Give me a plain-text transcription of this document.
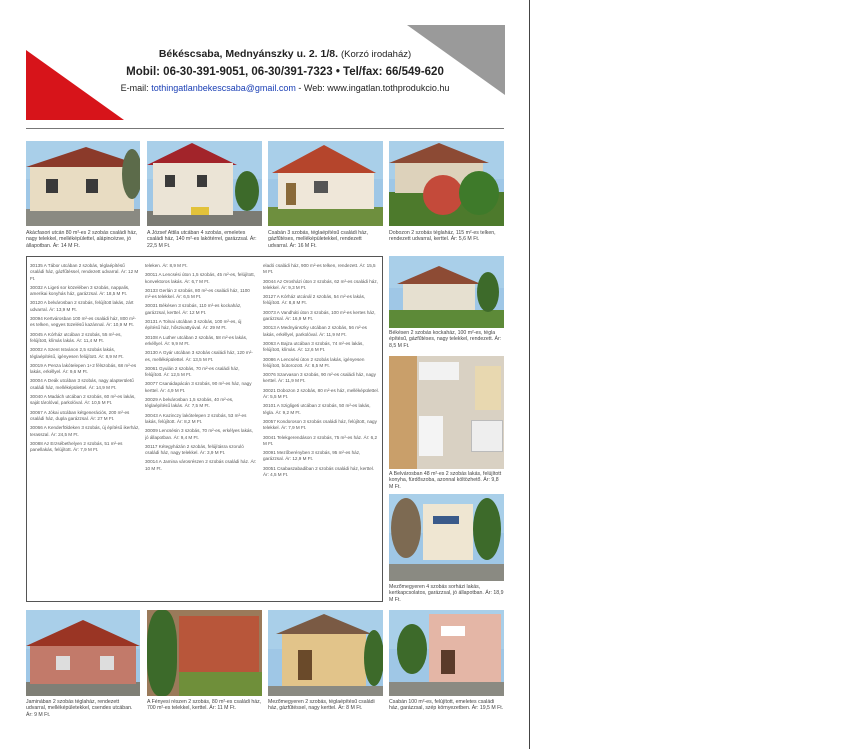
Békéscsaba, Mednyánszky u. 2. 1/8. (Korzó irodaház)
Mobil: 06-30-391-9051, 06-30/391-7323 • Tel/fax: 66/549-620
E-mail: tothingatlanbekescsaba@gmail.com - Web: www.ingatlan.tothprodukcio.hu
Akácfasori utcán 80 m²-es 2 szobás családi ház, nagy telekkel, melléképülettel, alápincézve, jó állapotban. Ár: 14 M Ft.
A József Attila utcában 4 szobás, emeletes családi ház, 140 m²-es lakótérrel, garázzsal. Ár: 22,5 M Ft.
Csabán 3 szobás, téglaépítésű családi ház, gázfűtéses, melléképületekkel, rendezett udvarral. Ár: 16 M Ft.
Dobozon 2 szobás téglaház, 115 m²-es telken, rendezett udvarral, kerttel. Ár: 5,6 M Ft.

30135 A Tábor utcában 2 szobás, téglaépítésű családi ház, gázfűtéssel, rendezett udvarral. Ár: 12 M Ft.

30032 A Ligeti sor közelében 3 szobás, nappalis, amerikai konyhás ház, garázzsal. Ár: 18,5 M Ft.

30120 A belvárosban 2 szobás, felújított lakás, zárt udvarral. Ár: 13,9 M Ft.

30094 Kertvárosban 100 m²-es családi ház, 800 m²-es telken, vegyes tüzelésű kazánnal. Ár: 10,9 M Ft.

30045 A Kórház utcában 2 szobás, 55 m²-es, felújított, klímás lakás. Ár: 11,4 M Ft.

30002 A Szent Istvánon 2,5 szobás lakás, téglaépítésű, igényesen felújított. Ár: 8,9 M Ft.

30019 A Penza lakótelepen 1+2 félszobás, 68 m²-es lakás, erkéllyel. Ár: 9,6 M Ft.

30004 A Deák utcában 3 szobás, nagy alapterületű családi ház, melléképülettel. Ár: 14,9 M Ft.

30040 A Madách utcában 2 szobás, 60 m²-es lakás, saját tárolóval, parkolóval. Ár: 10,5 M Ft.

30067 A Jókai utcában kétgenerációs, 200 m²-es családi ház, dupla garázzsal. Ár: 27 M Ft.

30066 A Kenderföldeken 3 szobás, új építésű ikerház, terasszal. Ár: 24,5 M Ft.

30088 Az Erzsébethelyen 2 szobás, 51 m²-es panellakás, felújított. Ár: 7,9 M Ft.

teleken. Ár: 8,9 M Ft.

30011 A Lencsési úton 1,5 szobás, 45 m²-es, felújított, konvektoros lakás. Ár: 6,7 M Ft.

30133 Gerlán 2 szobás, 80 m²-es családi ház, 1100 m²-es telekkel. Ár: 6,5 M Ft.

30031 Békésen 3 szobás, 110 m²-es kockaház, garázzsal, kerttel. Ár: 12 M Ft.

30131 A Tolnai utcában 3 szobás, 100 m²-es, új építésű ház, hőszivattyúval. Ár: 29 M Ft.

30108 A Luther utcában 2 szobás, 58 m²-es lakás, erkéllyel. Ár: 9,9 M Ft.

30130 A Gyár utcában 3 szobás családi ház, 120 m²-es, melléképülettel. Ár: 13,5 M Ft.

30061 Gyulán 2 szobás, 70 m²-es családi ház, felújított. Ár: 12,5 M Ft.

30077 Csanádapácán 3 szobás, 90 m²-es ház, nagy kerttel. Ár: 4,9 M Ft.

30029 A belvárosban 1,5 szobás, 40 m²-es, téglaépítésű lakás. Ár: 7,5 M Ft.

30043 A Kazinczy lakótelepen 2 szobás, 53 m²-es lakás, felújított. Ár: 8,2 M Ft.

30009 Lencsésin 3 szobás, 70 m²-es, erkélyes lakás, jó állapotban. Ár: 9,4 M Ft.

30117 Kétegyházán 2 szobás, felújításra szoruló családi ház, nagy telekkel. Ár: 3,9 M Ft.

30014 A Jamina városrészen 2 szobás családi ház. Ár: 10 M Ft.

eladó családi ház, 900 m²-es telken, rendezett. Ár: 15,5 M Ft.

30044 Az Orosházi úton 2 szobás, 62 m²-es családi ház, telekkel. Ár: 9,3 M Ft.

30127 A Kórház utcánál 2 szobás, 54 m²-es lakás, felújított. Ár: 8,8 M Ft.

30073 A Vandháti úton 3 szobás, 100 m²-es kertes ház, garázzsal. Ár: 16,9 M Ft.

30013 A Mednyánszky utcában 2 szobás, 56 m²-es lakás, erkéllyel, parkolóval. Ár: 11,9 M Ft.

30063 A Bajza utcában 3 szobás, 74 m²-es lakás, felújított, klímás. Ár: 12,6 M Ft.

30086 A Lencsési úton 2 szobás lakás, igényesen felújított, bútorozott. Ár: 8,5 M Ft.

30076 Szarvason 3 szobás, 90 m²-es családi ház, nagy kerttel. Ár: 11,9 M Ft.

30021 Dobozon 2 szobás, 80 m²-es ház, melléképülettel. Ár: 5,5 M Ft.

30101 A Szigligeti utcában 2 szobás, 50 m²-es lakás, tégla. Ár: 9,2 M Ft.

30057 Kondoroson 3 szobás családi ház, felújított, nagy telekkel. Ár: 7,9 M Ft.

30041 Telekgerendáson 2 szobás, 75 m²-es ház. Ár: 6,2 M Ft.

30091 Mezőberényben 3 szobás, 95 m²-es ház, garázzsal. Ár: 12,9 M Ft.

30051 Csabaszabadiban 2 szobás családi ház, kerttel. Ár: 4,5 M Ft.

Békésen 2 szobás kockaház, 100 m²-es, tégla építésű, gázfűtéses, nagy telekkel, rendezett. Ár: 8,5 M Ft.
A Belvárosban 48 m²-es 2 szobás lakás, felújított konyha, fürdőszoba, azonnal költözhető. Ár: 9,8 M Ft.
Mezőmegyeren 4 szobás sorházi lakás, kertkapcsolatos, garázzsal, jó állapotban. Ár: 18,9 M Ft.
Jaminában 2 szobás téglaház, rendezett udvarral, melléképületekkel, csendes utcában. Ár: 9 M Ft.
A Fényesi részen 2 szobás, 80 m²-es családi ház, 700 m²-es telekkel, kerttel. Ár: 11 M Ft.
Mezőmegyeren 2 szobás, téglaépítésű családi ház, gázfűtéssel, nagy kerttel. Ár: 8 M Ft.
Csabán 100 m²-es, felújított, emeletes családi ház, garázzsal, szép környezetben. Ár: 19,5 M Ft.
